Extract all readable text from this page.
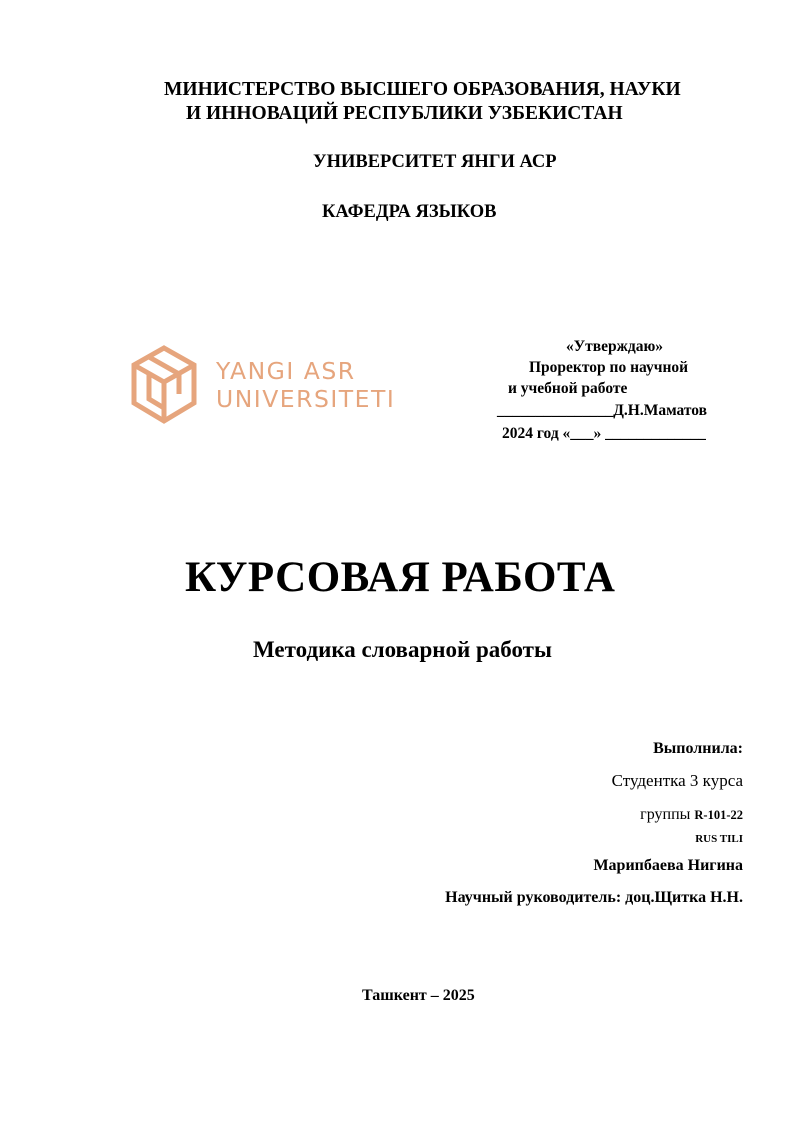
МИНИСТЕРСТВО ВЫСШЕГО ОБРАЗОВАНИЯ, НАУКИ
И ИННОВАЦИЙ РЕСПУБЛИКИ УЗБЕКИСТАН
УНИВЕРСИТЕТ ЯНГИ АСР
КАФЕДРА ЯЗЫКОВ
YANGI ASR
UNIVERSITETI
«Утверждаю»
Проректор по научной
и учебной работе
_______________Д.Н.Маматов
2024 год «___» _____________
КУРСОВАЯ РАБОТА
Методика словарной работы
Выполнила:
Студентка 3 курса
группы R-101-22
RUS TILI
Марипбаева Нигина
Научный руководитель: доц.Щитка Н.Н.
Ташкент – 2025
